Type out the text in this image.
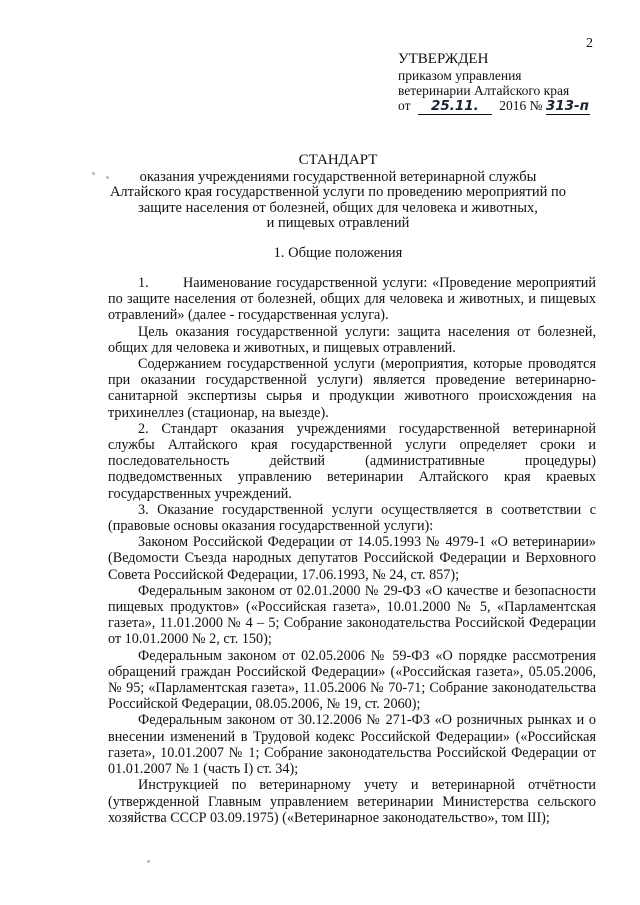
2
УТВЕРЖДЕН
приказом управления
ветеринарии Алтайского края
от 25.11. 2016 № 313-п
СТАНДАРТ
оказания учреждениями государственной ветеринарной службы
Алтайского края государственной услуги по проведению мероприятий по
защите населения от болезней, общих для человека и животных,
и пищевых отравлений
1. Общие положения

1.       Наименование государственной услуги: «Проведение мероприятий по защите населения от болезней, общих для человека и животных, и пищевых отравлений» (далее - государственная услуга).

Цель оказания государственной услуги: защита населения от болезней, общих для человека и животных, и пищевых отравлений.

Содержанием государственной услуги (мероприятия, которые проводятся при оказании государственной услуги) является проведение ветеринарно-санитарной экспертизы сырья и продукции животного происхождения на трихинеллез (стационар, на выезде).

2. Стандарт оказания учреждениями государственной ветеринарной службы Алтайского края государственной услуги определяет сроки и последовательность действий (административные процедуры) подведомственных управлению ветеринарии Алтайского края краевых государственных учреждений.

3. Оказание государственной услуги осуществляется в соответствии с (правовые основы оказания государственной услуги):

Законом Российской Федерации от 14.05.1993 № 4979-1 «О ветеринарии» (Ведомости Съезда народных депутатов Российской Федерации и Верховного Совета Российской Федерации, 17.06.1993, № 24, ст. 857);

Федеральным законом от 02.01.2000 № 29-ФЗ «О качестве и безопасности пищевых продуктов» («Российская газета», 10.01.2000 № 5, «Парламентская газета», 11.01.2000 № 4 – 5; Собрание законодательства Российской Федерации от 10.01.2000 № 2, ст. 150);

Федеральным законом от 02.05.2006 № 59-ФЗ «О порядке рассмотрения обращений граждан Российской Федерации» («Российская газета», 05.05.2006, № 95; «Парламентская газета», 11.05.2006 № 70-71; Собрание законодательства Российской Федерации, 08.05.2006, № 19, ст. 2060);

Федеральным законом от 30.12.2006 № 271-ФЗ «О розничных рынках и о внесении изменений в Трудовой кодекс Российской Федерации» («Российская газета», 10.01.2007 № 1; Собрание законодательства Российской Федерации от 01.01.2007 № 1 (часть I) ст. 34);

Инструкцией по ветеринарному учету и ветеринарной отчётности (утвержденной Главным управлением ветеринарии Министерства сельского хозяйства СССР 03.09.1975) («Ветеринарное законодательство», том III);
